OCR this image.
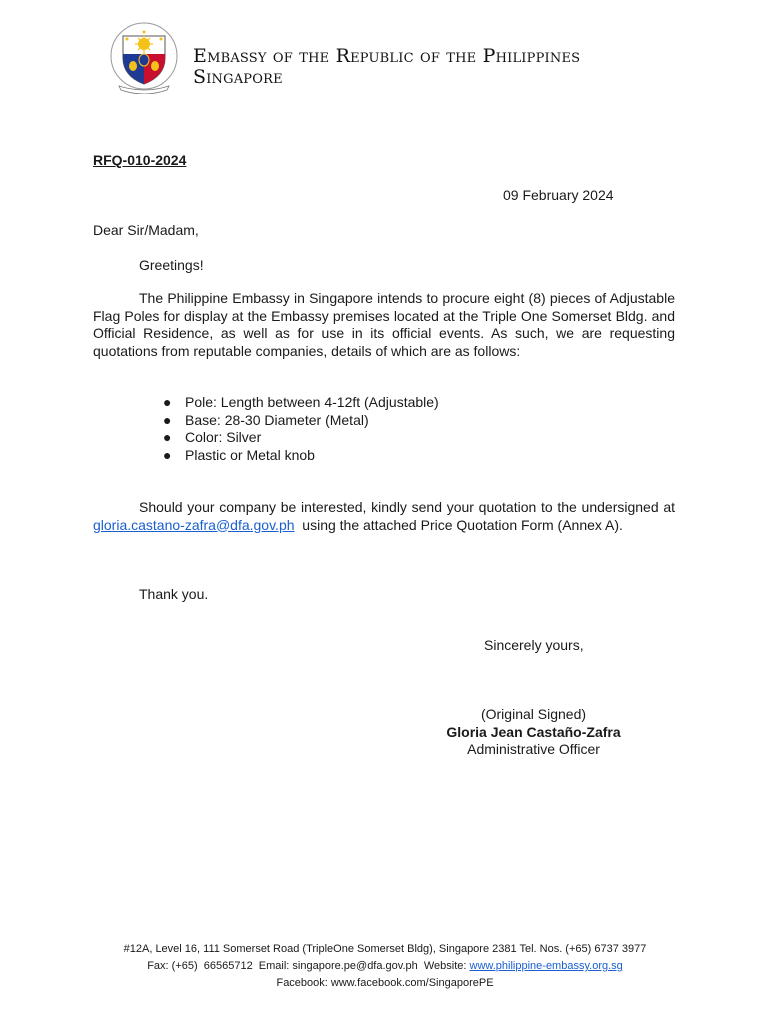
Embassy of the Republic of the Philippines
Singapore
RFQ-010-2024
09 February 2024
Dear Sir/Madam,
Greetings!

The Philippine Embassy in Singapore intends to procure eight (8) pieces of Adjustable Flag Poles for display at the Embassy premises located at the Triple One Somerset Bldg. and Official Residence, as well as for use in its official events. As such, we are requesting quotations from reputable companies, details of which are as follows:

● Pole: Length between 4-12ft (Adjustable)
● Base: 28-30 Diameter (Metal)
● Color: Silver
● Plastic or Metal knob

Should your company be interested, kindly send your quotation to the undersigned at gloria.castano-zafra@dfa.gov.ph  using the attached Price Quotation Form (Annex A).

Thank you.
Sincerely yours,
(Original Signed)
Gloria Jean Castaño-Zafra
Administrative Officer
#12A, Level 16, 111 Somerset Road (TripleOne Somerset Bldg), Singapore 2381 Tel. Nos. (+65) 6737 3977
Fax: (+65)  66565712  Email: singapore.pe@dfa.gov.ph  Website: www.philippine-embassy.org.sg
Facebook: www.facebook.com/SingaporePE
